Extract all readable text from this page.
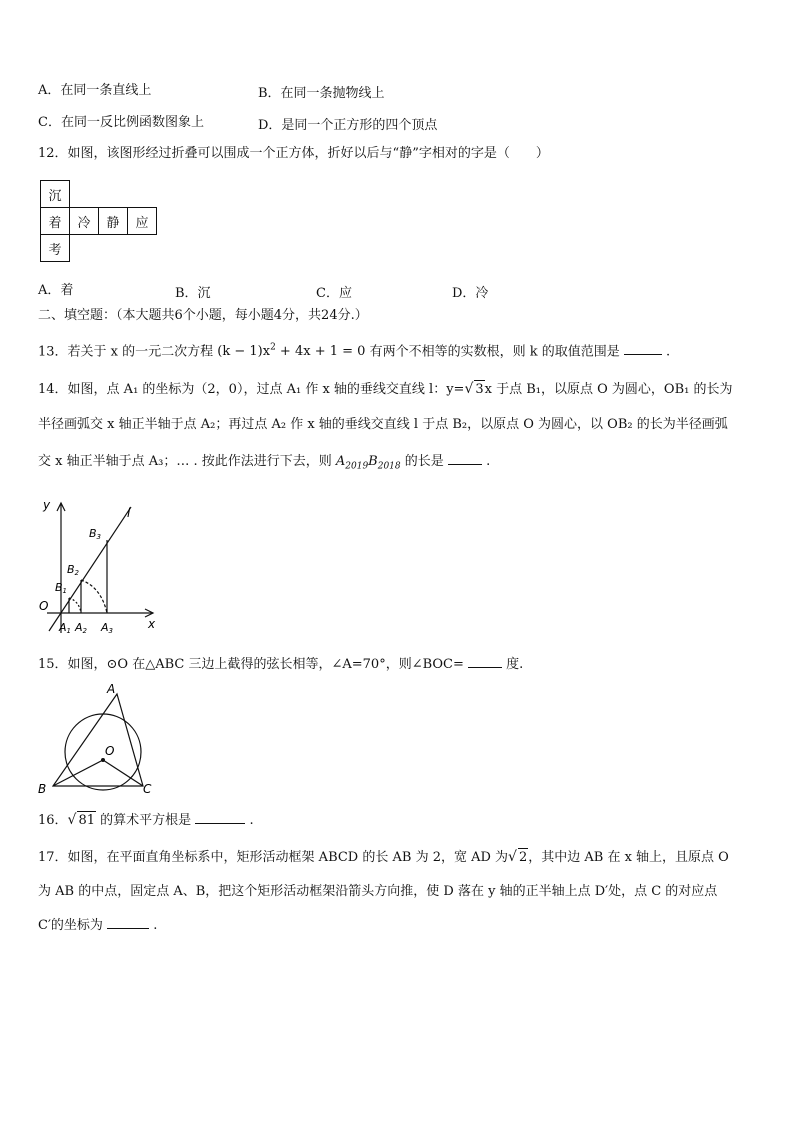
A．在同一条直线上	B．在同一条抛物线上
C．在同一反比例函数图象上	D．是同一个正方形的四个顶点
12．如图，该图形经过折叠可以围成一个正方体，折好以后与“静”字相对的字是（　　）
沉			
着	冷	静	应
考			
A．着	B．沉	C．应	D．冷
二、填空题：（本大题共6个小题，每小题4分，共24分.）
13．若关于 x 的一元二次方程 $(k - 1)x^2 + 4x + 1 = 0$ 有两个不相等的实数根，则 k 的取值范围是	.
14．如图，点 A₁ 的坐标为（2，0），过点 A₁ 作 x 轴的垂线交直线 l：y=√ 3x 于点 B₁，以原点 O 为圆心，OB₁ 的长为
半径画弧交 x 轴正半轴于点 A₂；再过点 A₂ 作 x 轴的垂线交直线 l 于点 B₂，以原点 O 为圆心，以 OB₂ 的长为半径画弧
交 x 轴正半轴于点 A₃；… . 按此作法进行下去，则 $A_{2019}B_{2018}$ 的长是	.
y
x
l
O
B1
B2
B3
A1 A2 A3
15．如图，⊙O 在△ABC 三边上截得的弦长相等，∠A=70°，则∠BOC=	度.
A
B	C
O
16．√ 81 的算术平方根是	.
17．如图，在平面直角坐标系中，矩形活动框架 ABCD 的长 AB 为 2，宽 AD 为√ 2，其中边 AB 在 x 轴上，且原点 O
为 AB 的中点，固定点 A、B，把这个矩形活动框架沿箭头方向推，使 D 落在 y 轴的正半轴上点 D′处，点 C 的对应点
C′的坐标为	.
